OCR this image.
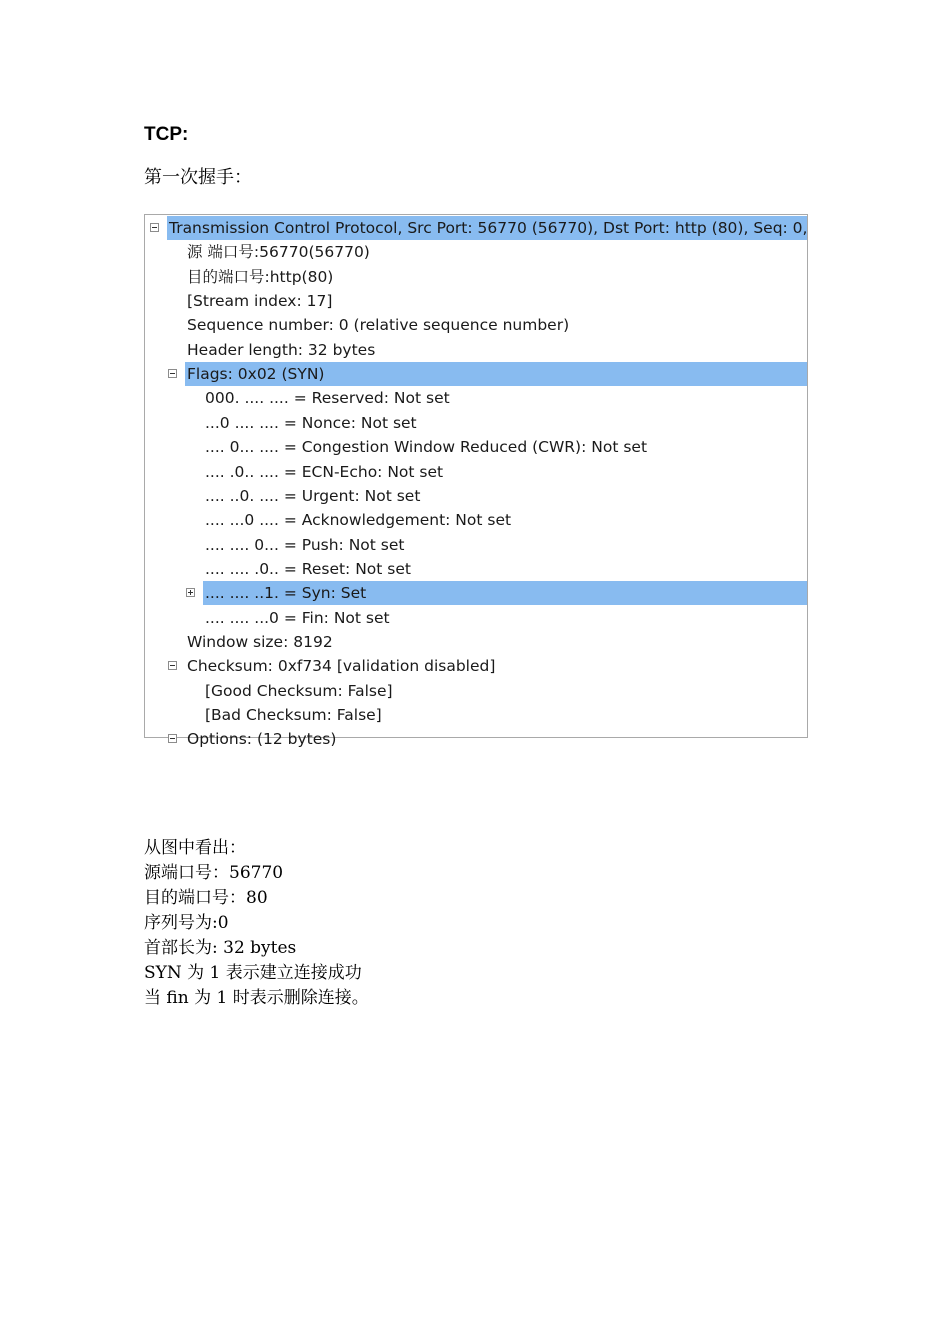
TCP:
第一次握手：
Transmission Control Protocol, Src Port: 56770 (56770), Dst Port: http (80), Seq: 0,
源 端口号:56770(56770)
目的端口号:http(80)
[Stream index: 17]
Sequence number: 0 (relative sequence number)
Header length: 32 bytes
Flags: 0x02 (SYN)
000. .... .... = Reserved: Not set
...0 .... .... = Nonce: Not set
.... 0... .... = Congestion Window Reduced (CWR): Not set
.... .0.. .... = ECN-Echo: Not set
.... ..0. .... = Urgent: Not set
.... ...0 .... = Acknowledgement: Not set
.... .... 0... = Push: Not set
.... .... .0.. = Reset: Not set
.... .... ..1. = Syn: Set
.... .... ...0 = Fin: Not set
Window size: 8192
Checksum: 0xf734 [validation disabled]
[Good Checksum: False]
[Bad Checksum: False]
Options: (12 bytes)
从图中看出：
源端口号：56770
目的端口号：80
序列号为:0
首部长为: 32 bytes
SYN 为 1 表示建立连接成功
当 fin 为 1 时表示删除连接。
